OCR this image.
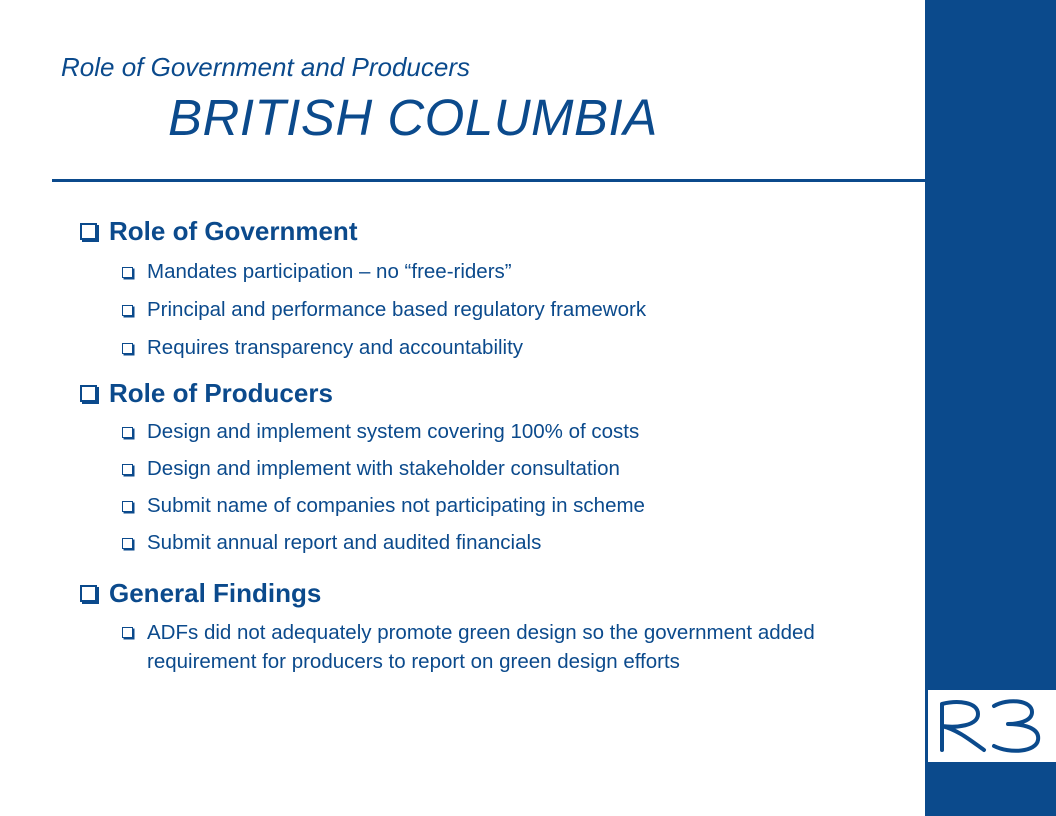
Role of Government and Producers
BRITISH COLUMBIA
Role of Government
Mandates participation – no “free-riders”
Principal and performance based regulatory framework
Requires transparency and accountability
Role of Producers
Design and implement system covering 100% of costs
Design and implement with stakeholder consultation
Submit name of companies not participating in scheme
Submit annual report and audited financials
General Findings
ADFs did not adequately promote green design so the government added requirement for producers to report on green design efforts
